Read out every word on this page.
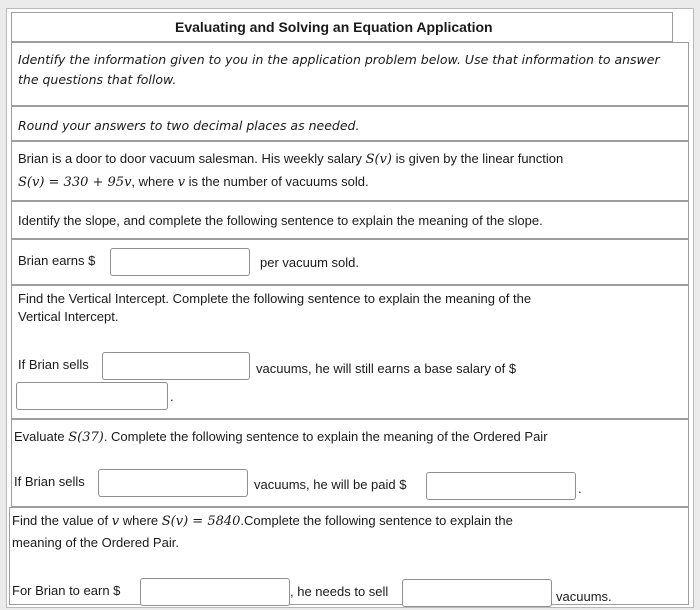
Evaluating and Solving an Equation Application
Identify the information given to you in the application problem below. Use that information to answer
the questions that follow.
Round your answers to two decimal places as needed.
Brian is a door to door vacuum salesman. His weekly salary S(v) is given by the linear function
S(v) = 330 + 95v, where v is the number of vacuums sold.
Identify the slope, and complete the following sentence to explain the meaning of the slope.
Brian earns $	per vacuum sold.
Find the Vertical Intercept. Complete the following sentence to explain the meaning of the
Vertical Intercept.
If Brian sells	vacuums, he will still earns a base salary of $
.
Evaluate S(37). Complete the following sentence to explain the meaning of the Ordered Pair
If Brian sells	vacuums, he will be paid $	.
Find the value of v where S(v) = 5840.Complete the following sentence to explain the
meaning of the Ordered Pair.
For Brian to earn $	, he needs to sell	vacuums.
